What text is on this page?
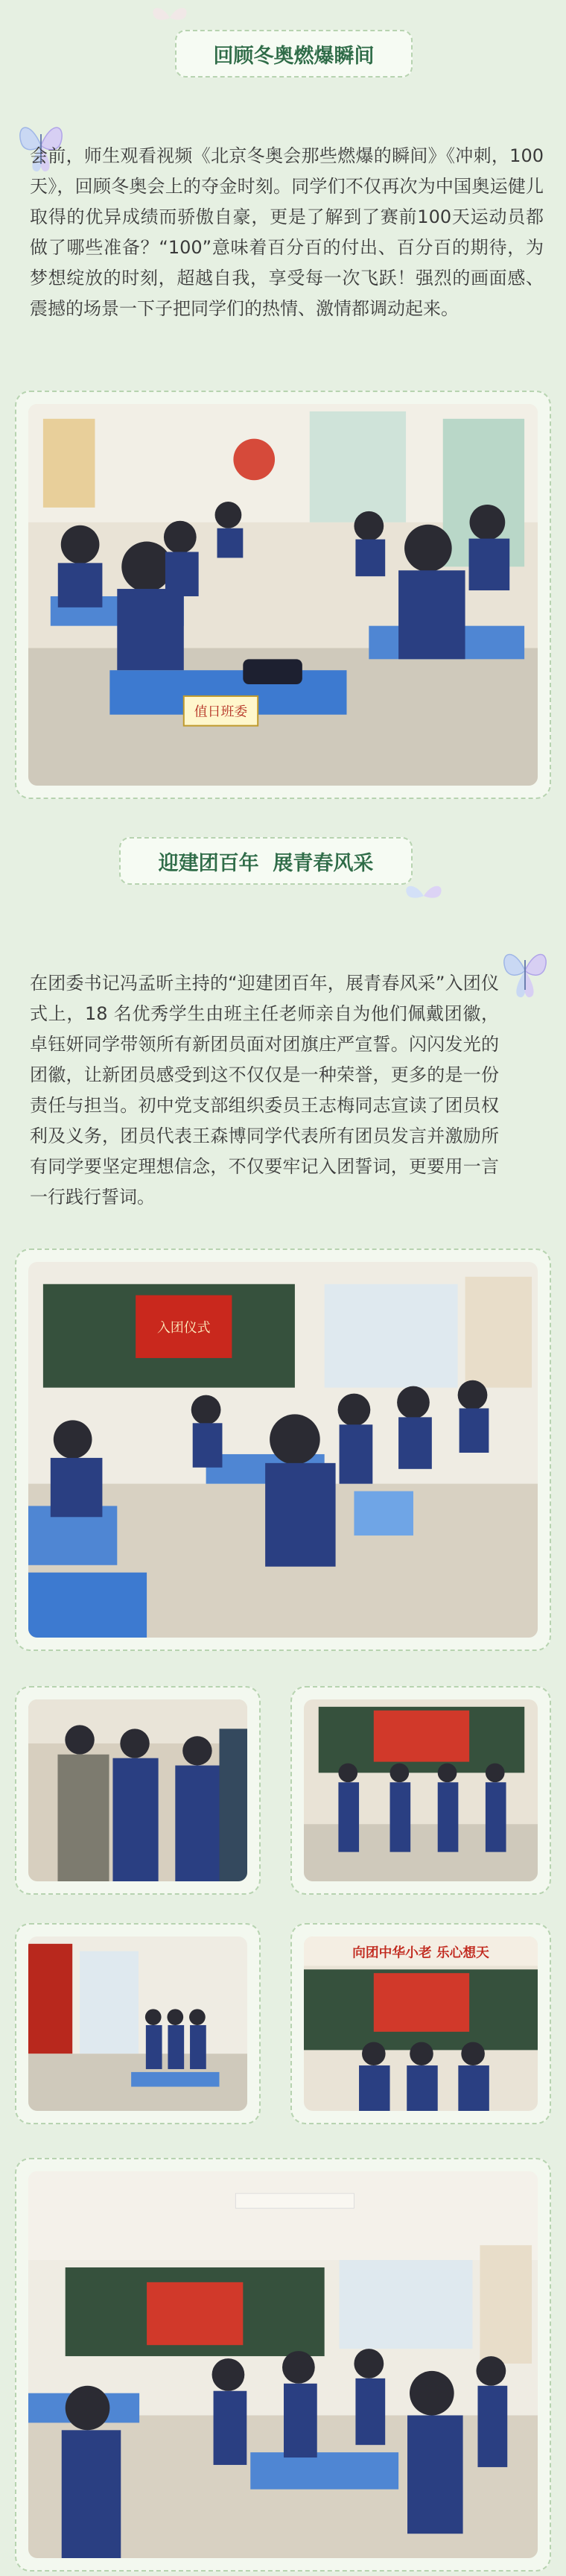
回顾冬奥燃爆瞬间

会前，师生观看视频《北京冬奥会那些燃爆的瞬间》《冲刺，100天》，回顾冬奥会上的夺金时刻。同学们不仅再次为中国奥运健儿取得的优异成绩而骄傲自豪，更是了解到了赛前100天运动员都做了哪些准备？“100”意味着百分百的付出、百分百的期待，为梦想绽放的时刻，超越自我，享受每一次飞跃！强烈的画面感、震撼的场景一下子把同学们的热情、激情都调动起来。

值日班委
迎建团百年  展青春风采

在团委书记冯孟昕主持的“迎建团百年，展青春风采”入团仪式上，18 名优秀学生由班主任老师亲自为他们佩戴团徽，卓钰妍同学带领所有新团员面对团旗庄严宣誓。闪闪发光的团徽，让新团员感受到这不仅仅是一种荣誉，更多的是一份责任与担当。初中党支部组织委员王志梅同志宣读了团员权利及义务，团员代表王森博同学代表所有团员发言并激励所有同学要坚定理想信念，不仅要牢记入团誓词，更要用一言一行践行誓词。

入团仪式
向团中华小老 乐心想天
